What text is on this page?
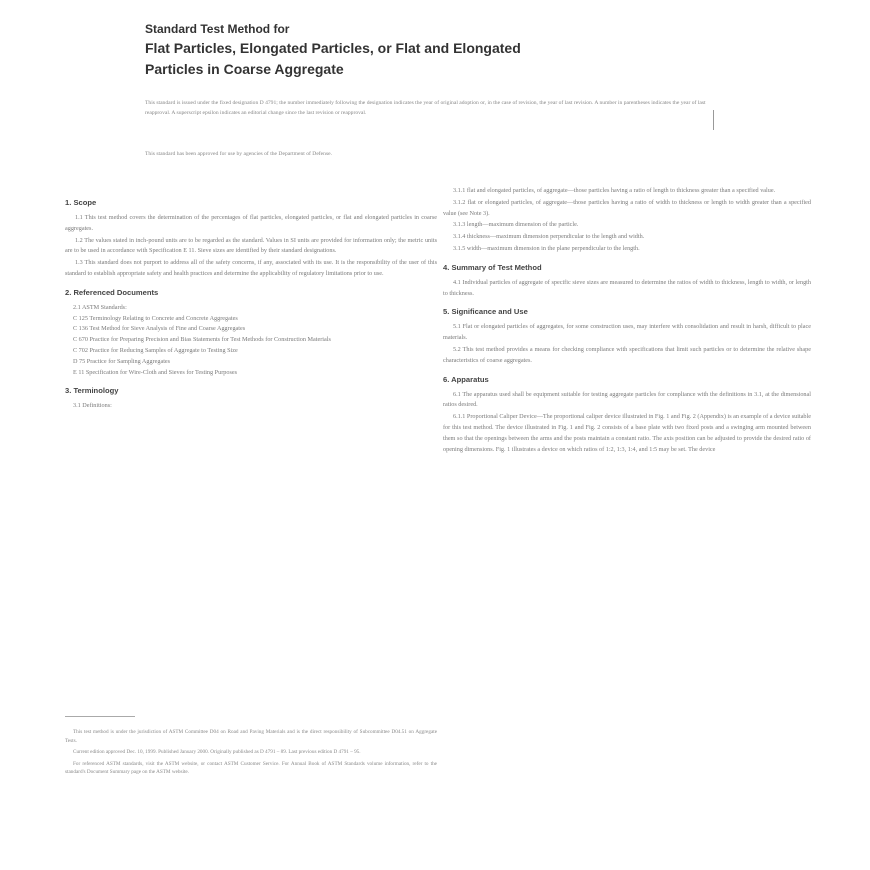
Standard Test Method for
Flat Particles, Elongated Particles, or Flat and Elongated
Particles in Coarse Aggregate
This standard is issued under the fixed designation D 4791; the number immediately following the designation indicates the year of original adoption or, in the case of revision, the year of last revision. A number in parentheses indicates the year of last reapproval. A superscript epsilon indicates an editorial change since the last revision or reapproval.
This standard has been approved for use by agencies of the Department of Defense.
1. Scope

1.1 This test method covers the determination of the percentages of flat particles, elongated particles, or flat and elongated particles in coarse aggregates.

1.2 The values stated in inch-pound units are to be regarded as the standard. Values in SI units are provided for information only; the metric units are to be used in accordance with Specification E 11. Sieve sizes are identified by their standard designations.

1.3 This standard does not purport to address all of the safety concerns, if any, associated with its use. It is the responsibility of the user of this standard to establish appropriate safety and health practices and determine the applicability of regulatory limitations prior to use.

2. Referenced Documents

2.1 ASTM Standards:

C 125 Terminology Relating to Concrete and Concrete Aggregates

C 136 Test Method for Sieve Analysis of Fine and Coarse Aggregates

C 670 Practice for Preparing Precision and Bias Statements for Test Methods for Construction Materials

C 702 Practice for Reducing Samples of Aggregate to Testing Size

D 75 Practice for Sampling Aggregates

E 11 Specification for Wire-Cloth and Sieves for Testing Purposes

3. Terminology

3.1 Definitions:

This test method is under the jurisdiction of ASTM Committee D04 on Road and Paving Materials and is the direct responsibility of Subcommittee D04.51 on Aggregate Tests.

Current edition approved Dec. 10, 1999. Published January 2000. Originally published as D 4791 – 89. Last previous edition D 4791 – 95.

For referenced ASTM standards, visit the ASTM website, or contact ASTM Customer Service. For Annual Book of ASTM Standards volume information, refer to the standard's Document Summary page on the ASTM website.

3.1.1 flat and elongated particles, of aggregate—those particles having a ratio of length to thickness greater than a specified value.

3.1.2 flat or elongated particles, of aggregate—those particles having a ratio of width to thickness or length to width greater than a specified value (see Note 3).

3.1.3 length—maximum dimension of the particle.

3.1.4 thickness—maximum dimension perpendicular to the length and width.

3.1.5 width—maximum dimension in the plane perpendicular to the length.

4. Summary of Test Method

4.1 Individual particles of aggregate of specific sieve sizes are measured to determine the ratios of width to thickness, length to width, or length to thickness.

5. Significance and Use

5.1 Flat or elongated particles of aggregates, for some construction uses, may interfere with consolidation and result in harsh, difficult to place materials.

5.2 This test method provides a means for checking compliance with specifications that limit such particles or to determine the relative shape characteristics of coarse aggregates.

6. Apparatus

6.1 The apparatus used shall be equipment suitable for testing aggregate particles for compliance with the definitions in 3.1, at the dimensional ratios desired.

6.1.1 Proportional Caliper Device—The proportional caliper device illustrated in Fig. 1 and Fig. 2 (Appendix) is an example of a device suitable for this test method. The device illustrated in Fig. 1 and Fig. 2 consists of a base plate with two fixed posts and a swinging arm mounted between them so that the openings between the arms and the posts maintain a constant ratio. The axis position can be adjusted to provide the desired ratio of opening dimensions. Fig. 1 illustrates a device on which ratios of 1:2, 1:3, 1:4, and 1:5 may be set. The device
